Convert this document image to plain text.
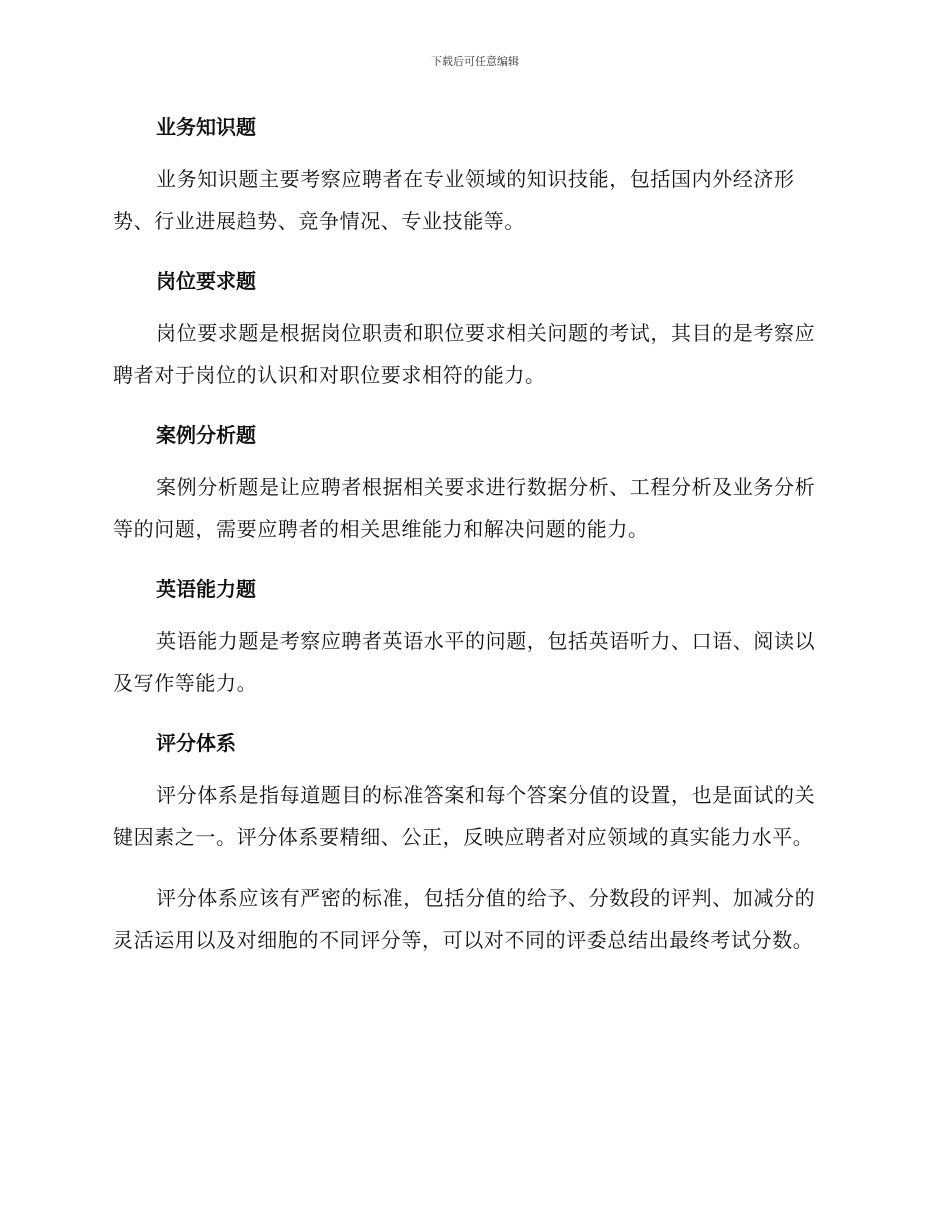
下载后可任意编辑
业务知识题

业务知识题主要考察应聘者在专业领域的知识技能，包括国内外经济形势、行业进展趋势、竞争情况、专业技能等。

岗位要求题

岗位要求题是根据岗位职责和职位要求相关问题的考试，其目的是考察应聘者对于岗位的认识和对职位要求相符的能力。

案例分析题

案例分析题是让应聘者根据相关要求进行数据分析、工程分析及业务分析等的问题，需要应聘者的相关思维能力和解决问题的能力。

英语能力题

英语能力题是考察应聘者英语水平的问题，包括英语听力、口语、阅读以及写作等能力。

评分体系

评分体系是指每道题目的标准答案和每个答案分值的设置，也是面试的关键因素之一。评分体系要精细、公正，反映应聘者对应领域的真实能力水平。

评分体系应该有严密的标准，包括分值的给予、分数段的评判、加减分的灵活运用以及对细胞的不同评分等，可以对不同的评委总结出最终考试分数。
